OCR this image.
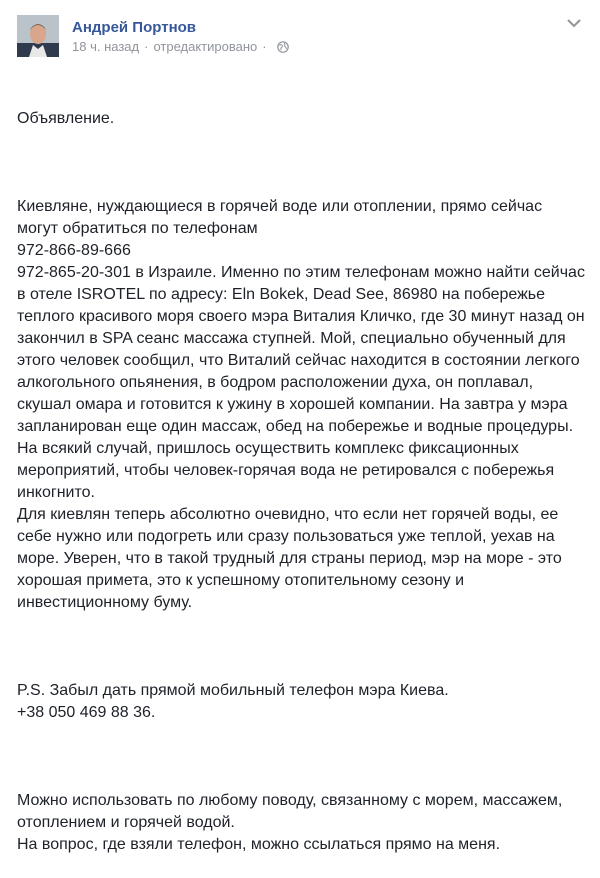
Андрей Портнов
18 ч. назад · отредактировано ·

Объявление.

Киевляне, нуждающиеся в горячей воде или отоплении, прямо сейчас могут обратиться по телефонам
972-866-89-666
972-865-20-301 в Израиле. Именно по этим телефонам можно найти сейчас в отеле ISROTEL по адресу: Eln Bokek, Dead See, 86980 на побережье теплого красивого моря своего мэра Виталия Кличко, где 30 минут назад он закончил в SPA сеанс массажа ступней. Мой, специально обученный для этого человек сообщил, что Виталий сейчас находится в состоянии легкого алкогольного опьянения, в бодром расположении духа, он поплавал, скушал омара и готовится к ужину в хорошей компании. На завтра у мэра запланирован еще один массаж, обед на побережье и водные процедуры. На всякий случай, пришлось осуществить комплекс фиксационных мероприятий, чтобы человек-горячая вода не ретировался с побережья инкогнито.
Для киевлян теперь абсолютно очевидно, что если нет горячей воды, ее себе нужно или подогреть или сразу пользоваться уже теплой, уехав на море. Уверен, что в такой трудный для страны период, мэр на море - это хорошая примета, это к успешному отопительному сезону и инвестиционному буму.

P.S. Забыл дать прямой мобильный телефон мэра Киева.
+38 050 469 88 36.

Можно использовать по любому поводу, связанному с морем, массажем, отоплением и горячей водой.
На вопрос, где взяли телефон, можно ссылаться прямо на меня.
